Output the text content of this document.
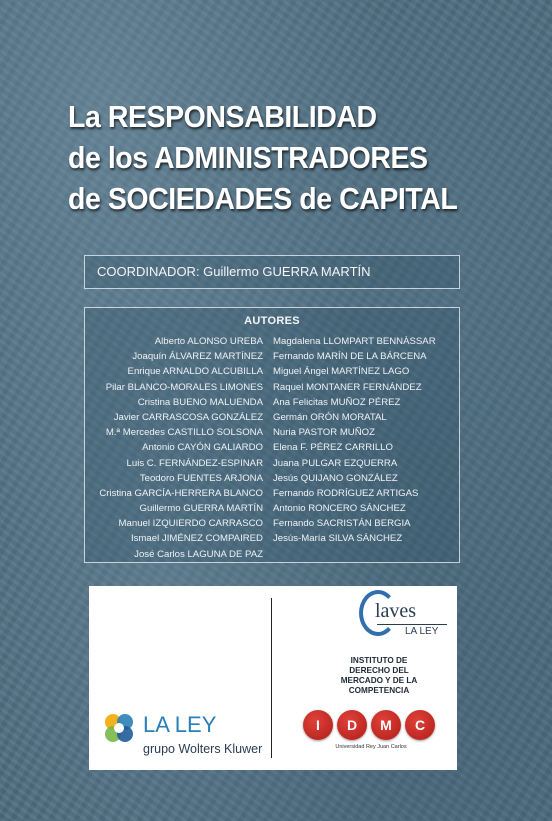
La RESPONSABILIDAD
de los ADMINISTRADORES
de SOCIEDADES de CAPITAL
COORDINADOR: Guillermo GUERRA MARTÍN
AUTORES
Alberto ALONSO UREBA
Joaquín ÁLVAREZ MARTÍNEZ
Enrique ARNALDO ALCUBILLA
Pilar BLANCO-MORALES LIMONES
Cristina BUENO MALUENDA
Javier CARRASCOSA GONZÁLEZ
M.ª Mercedes CASTILLO SOLSONA
Antonio CAYÓN GALIARDO
Luis C. FERNÁNDEZ-ESPINAR
Teodoro FUENTES ARJONA
Cristina GARCÍA-HERRERA BLANCO
Guillermo GUERRA MARTÍN
Manuel IZQUIERDO CARRASCO
Ismael JIMÉNEZ COMPAIRED
José Carlos LAGUNA DE PAZ
Magdalena LLOMPART BENNÀSSAR
Fernando MARÍN DE LA BÁRCENA
Miguel Ángel MARTÍNEZ LAGO
Raquel MONTANER FERNÁNDEZ
Ana Felicitas MUÑOZ PÉREZ
Germán ORÓN MORATAL
Nuria PASTOR MUÑOZ
Elena F. PÉREZ CARRILLO
Juana PULGAR EZQUERRA
Jesús QUIJANO GONZÁLEZ
Fernando RODRÍGUEZ ARTIGAS
Antonio RONCERO SÁNCHEZ
Fernando SACRISTÁN BERGIA
Jesús-María SILVA SÁNCHEZ
LA LEY
grupo Wolters Kluwer
laves
LA LEY
INSTITUTO DE
DERECHO DEL
MERCADO Y DE LA
COMPETENCIA
I	D	M	C
Universidad Rey Juan Carlos
